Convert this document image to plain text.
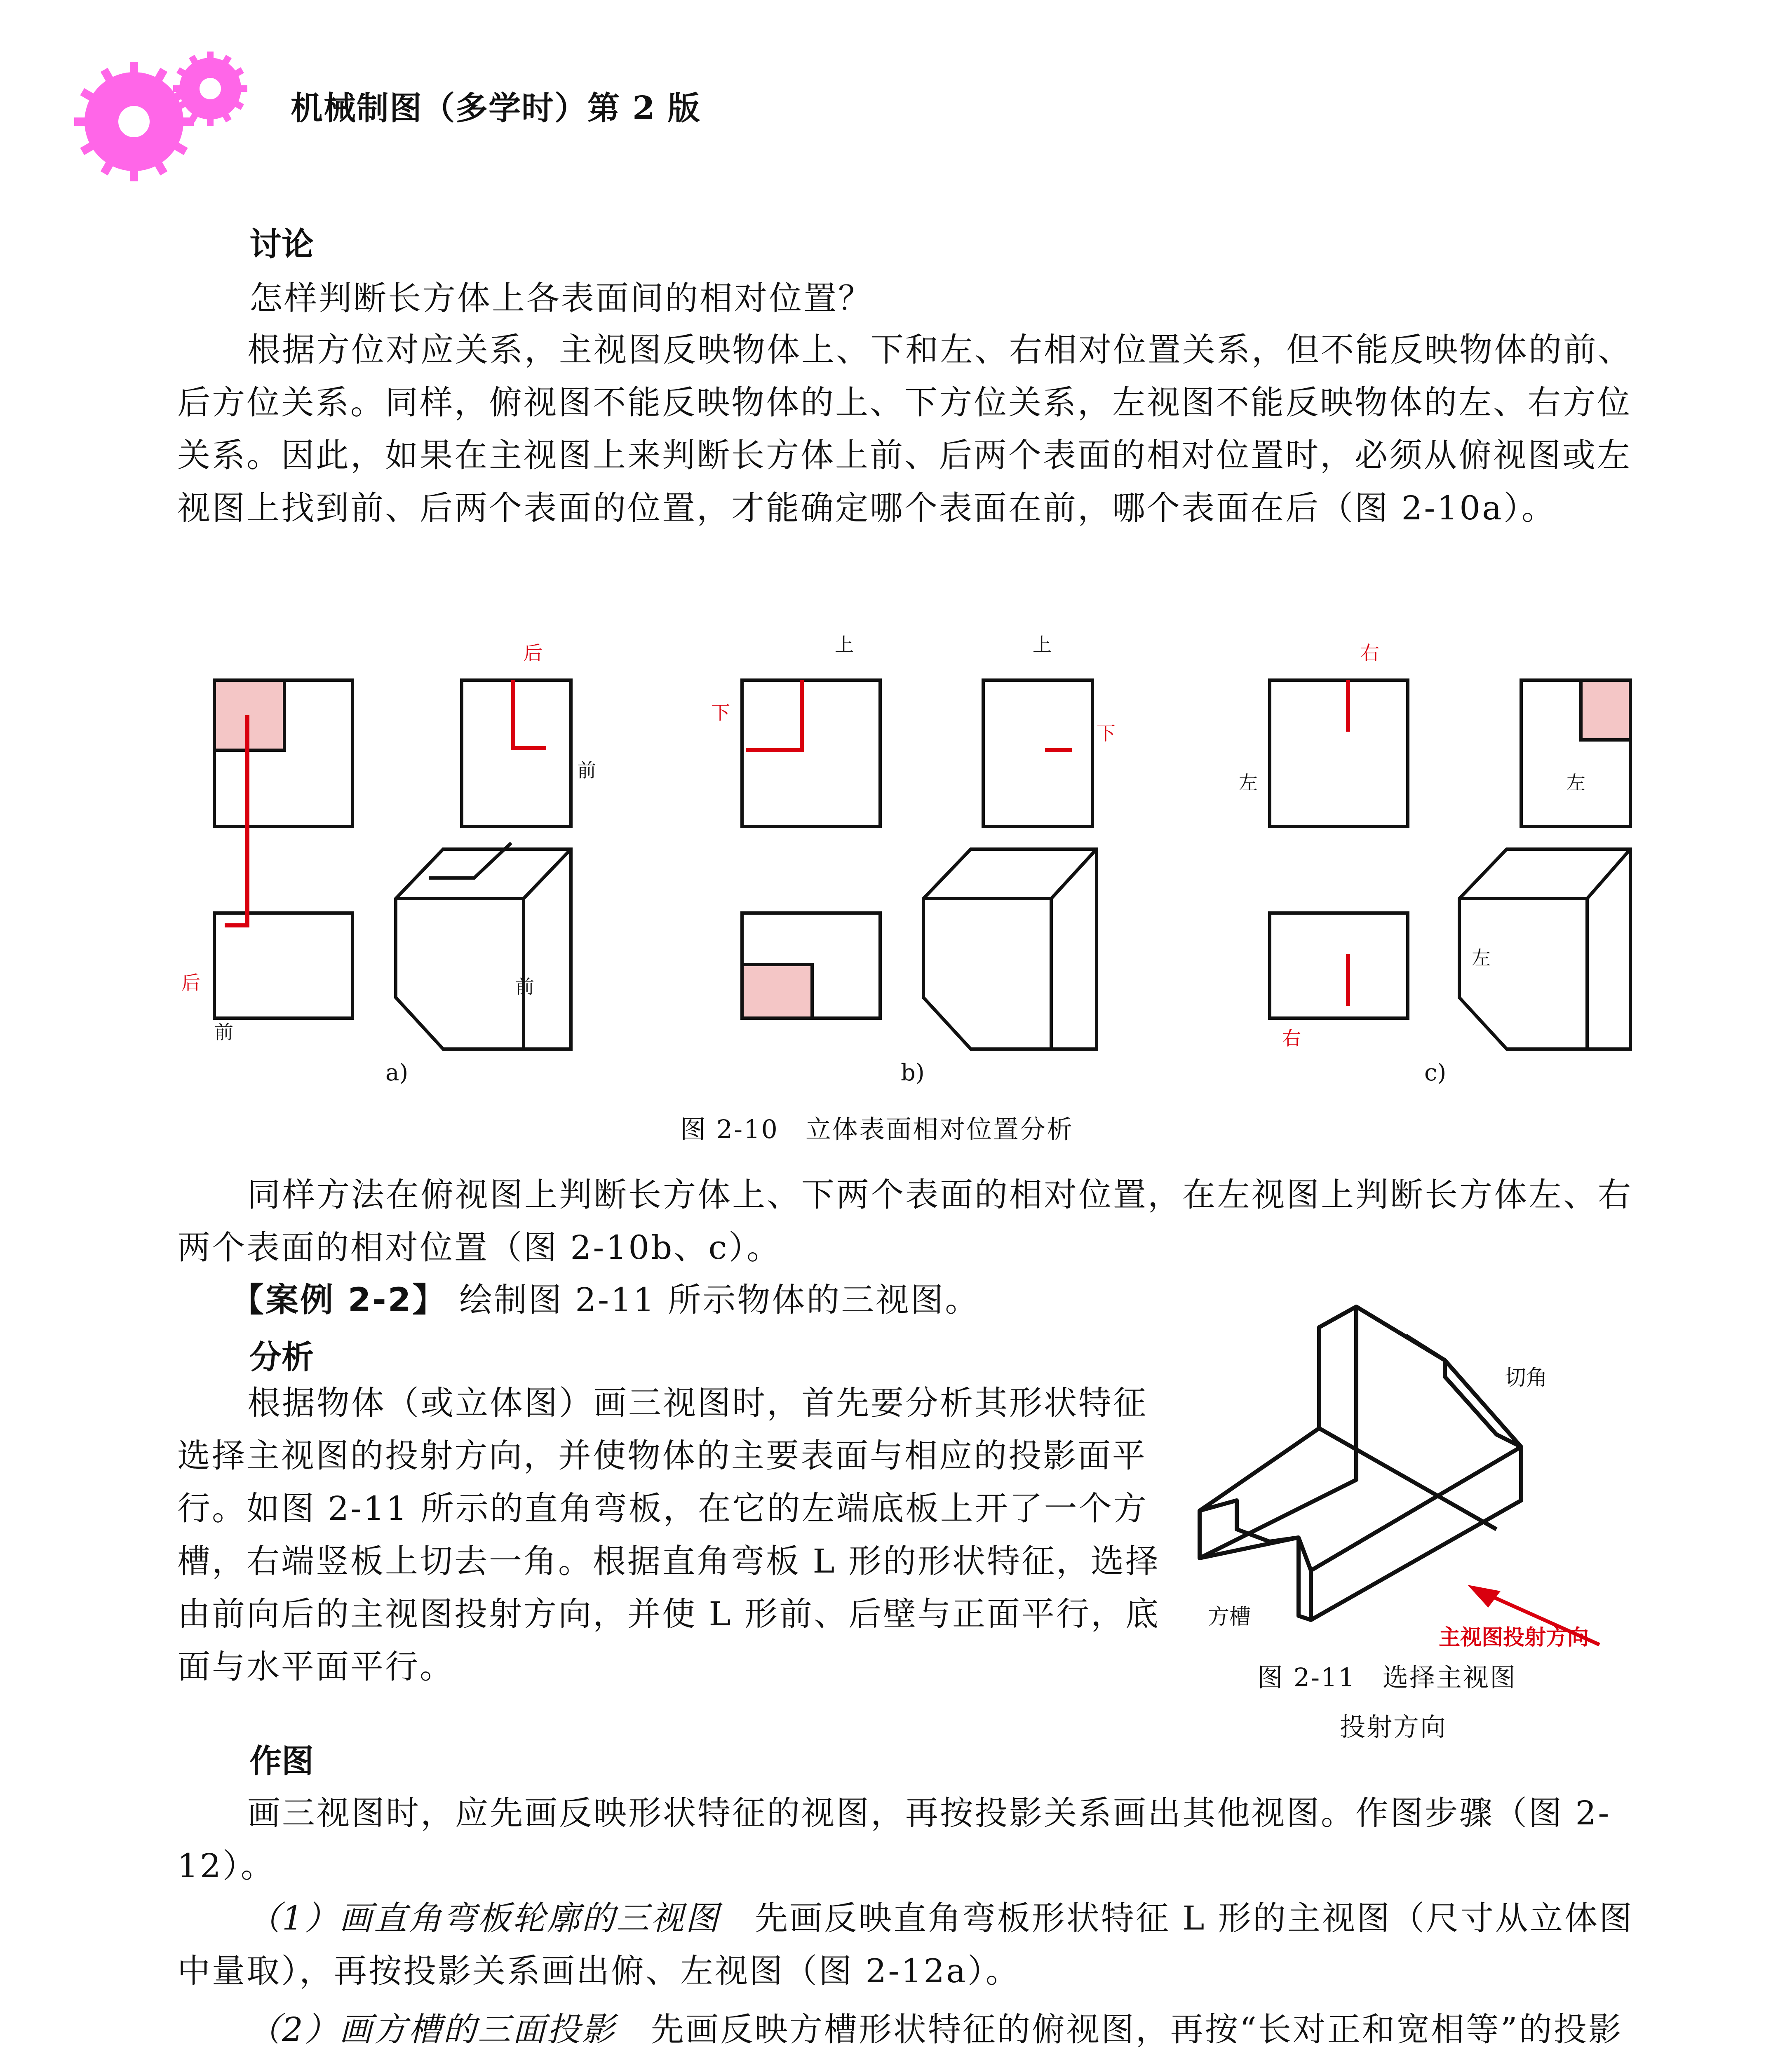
机械制图（多学时）第 2 版
讨论

怎样判断长方体上各表面间的相对位置？

根据方位对应关系，主视图反映物体上、下和左、右相对位置关系，但不能反映物体的前、后方位关系。同样，俯视图不能反映物体的上、下方位关系，左视图不能反映物体的左、右方位关系。因此，如果在主视图上来判断长方体上前、后两个表面的相对位置时，必须从俯视图或左视图上找到前、后两个表面的位置，才能确定哪个表面在前，哪个表面在后（图 2-10a）。

前
前
前
上	上
左	左
左
后
后
下
下
右
右
a)	b)	c)
图 2-10　立体表面相对位置分析

同样方法在俯视图上判断长方体上、下两个表面的相对位置，在左视图上判断长方体左、右两个表面的相对位置（图 2-10b、c）。

【案例 2-2】 绘制图 2-11 所示物体的三视图。
分析

根据物体（或立体图）画三视图时，首先要分析其形状特征选择主视图的投射方向，并使物体的主要表面与相应的投影面平行。如图 2-11 所示的直角弯板，在它的左端底板上开了一个方槽，右端竖板上切去一角。根据直角弯板 L 形的形状特征，选择由前向后的主视图投射方向，并使 L 形前、后壁与正面平行，底面与水平面平行。

切角
方槽
主视图投射方向
图 2-11　选择主视图
投射方向
作图

画三视图时，应先画反映形状特征的视图，再按投影关系画出其他视图。作图步骤（图 2-12）。

（1）画直角弯板轮廓的三视图　 先画反映直角弯板形状特征 L 形的主视图（尺寸从立体图中量取），再按投影关系画出俯、左视图（图 2-12a）。

（2）画方槽的三面投影　 先画反映方槽形状特征的俯视图，再按“长对正和宽相等”的投影
